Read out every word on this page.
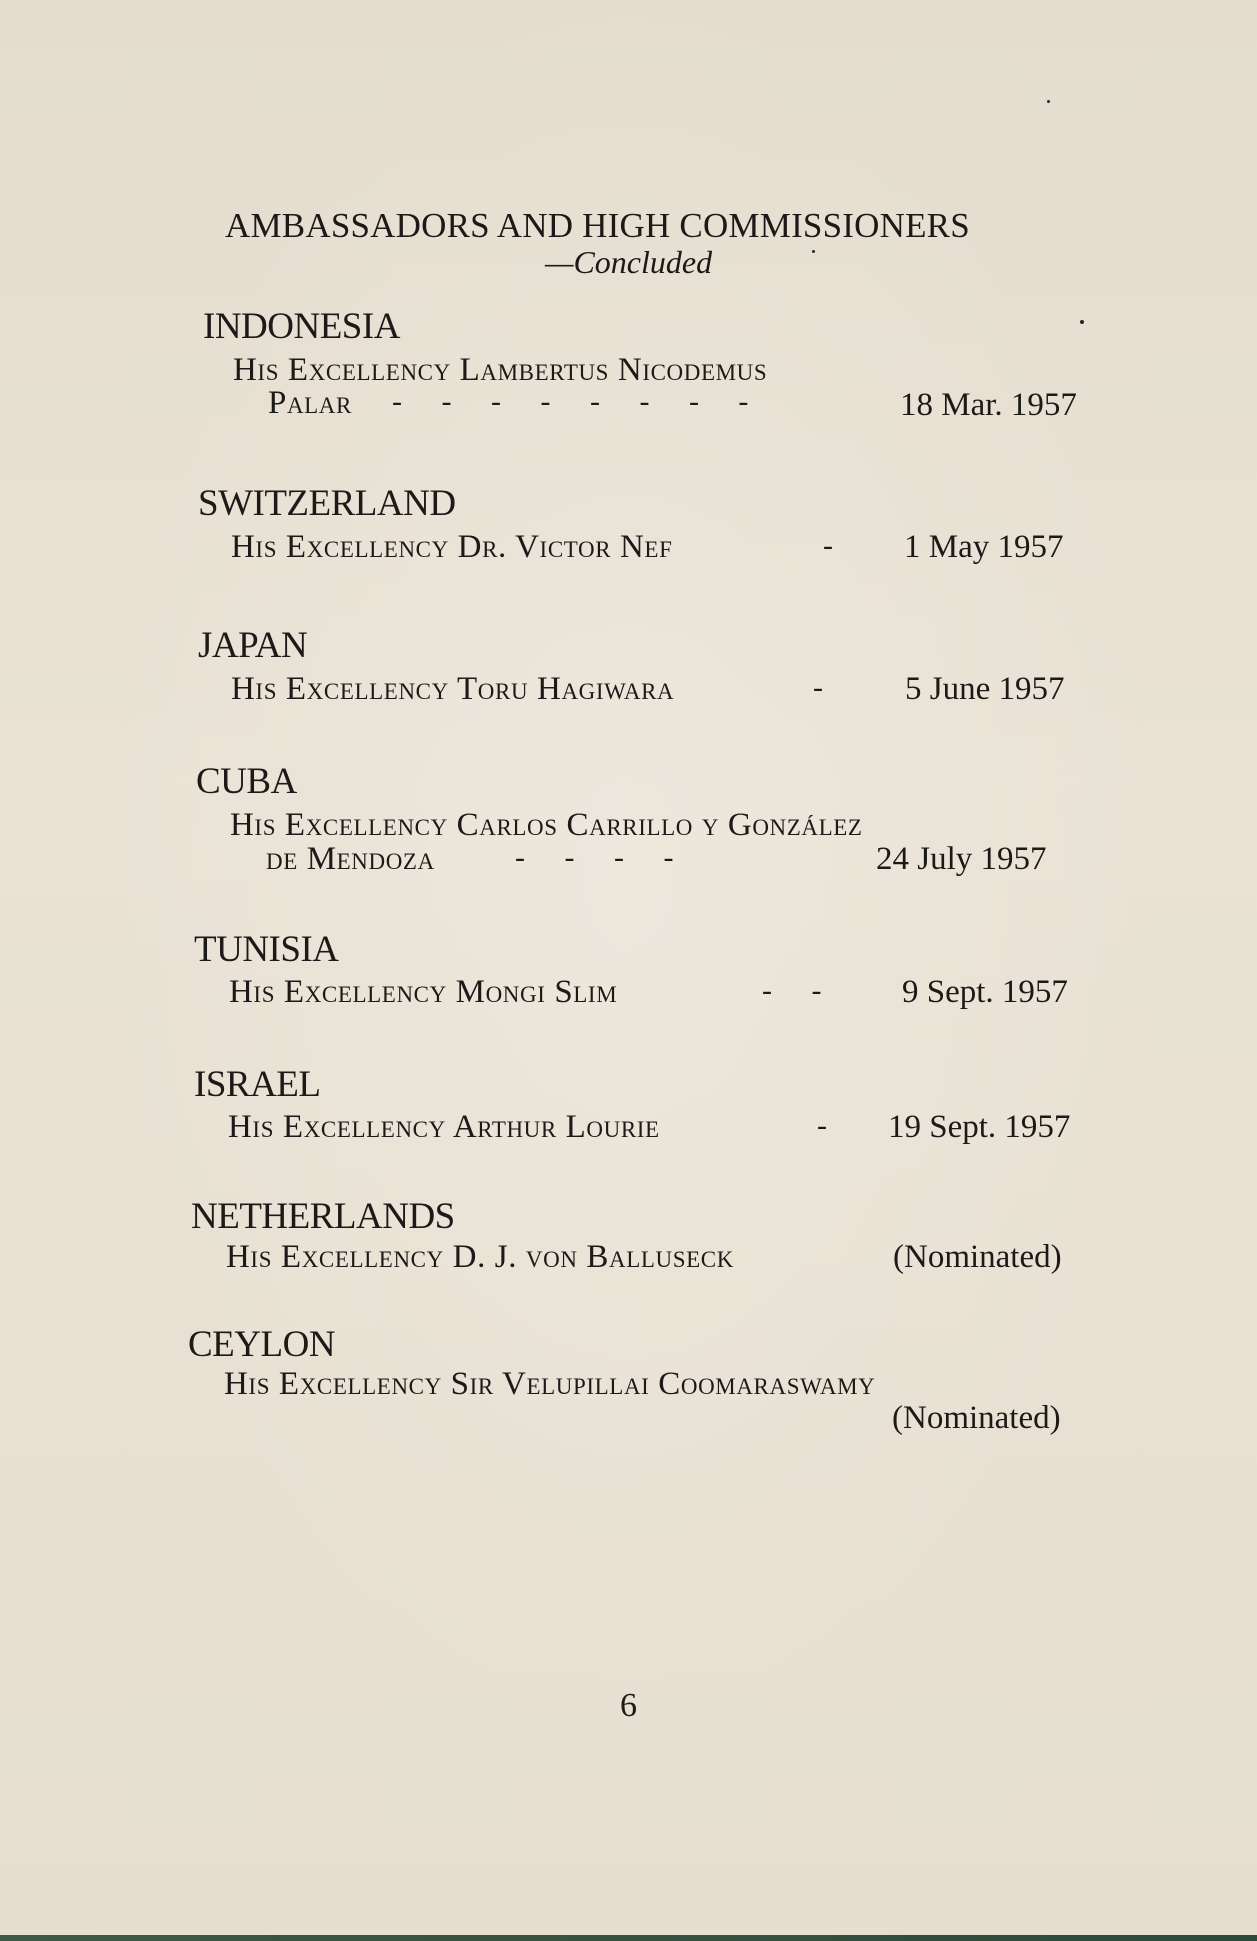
AMBASSADORS AND HIGH COMMISSIONERS
—Concluded
INDONESIA
His Excellency Lambertus Nicodemus
Palar - - - - - - - -	18 Mar. 1957
SWITZERLAND
His Excellency Dr. Victor Nef	- 1 May 1957
JAPAN
His Excellency Toru Hagiwara	- 5 June 1957
CUBA
His Excellency Carlos Carrillo y González
de Mendoza	- - - -	24 July 1957
TUNISIA
His Excellency Mongi Slim	- - 9 Sept. 1957
ISRAEL
His Excellency Arthur Lourie	- 19 Sept. 1957
NETHERLANDS
His Excellency D. J. von Balluseck	(Nominated)
CEYLON
His Excellency Sir Velupillai Coomaraswamy
(Nominated)
6
